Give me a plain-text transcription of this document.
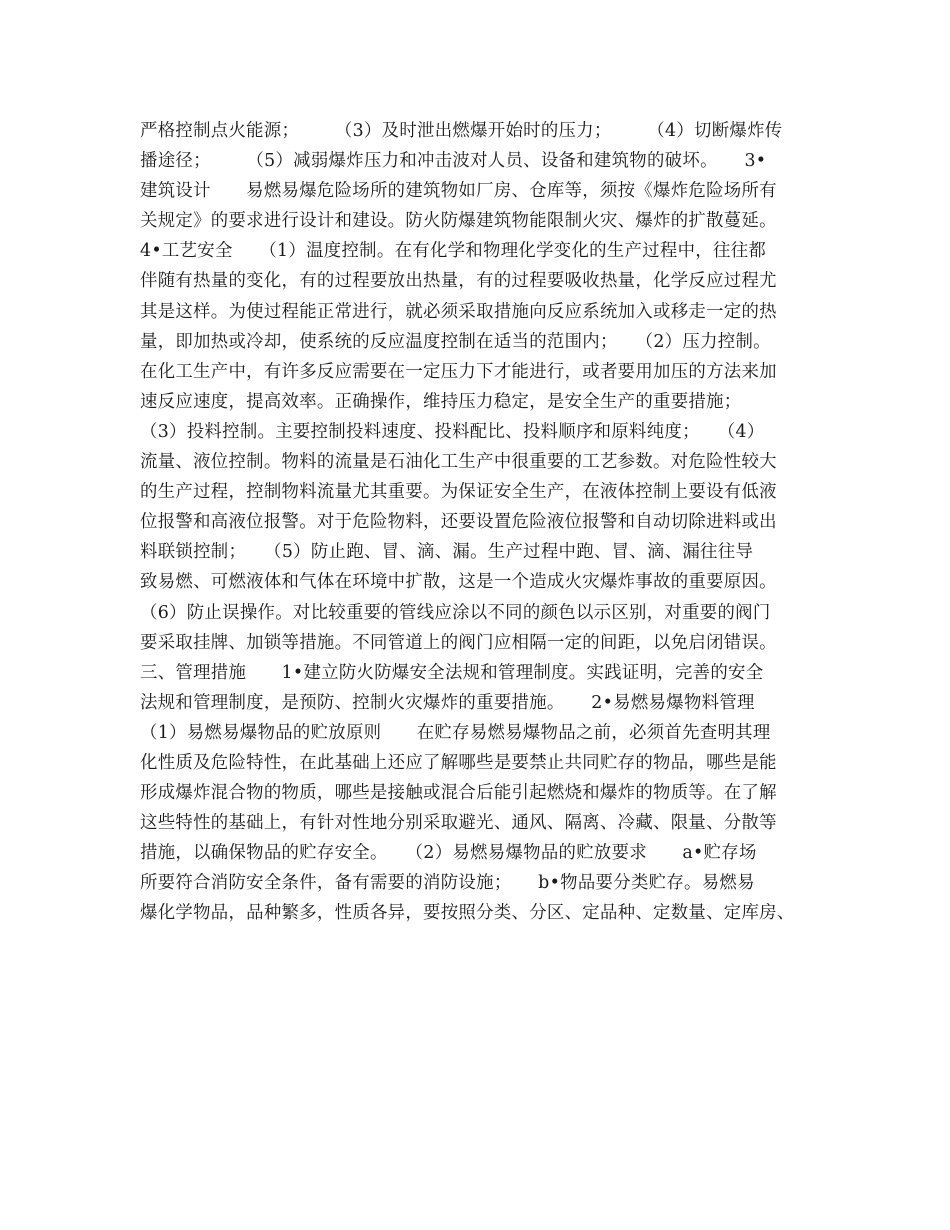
严格控制点火能源；　　　（3）及时泄出燃爆开始时的压力；　　　（4）切断爆炸传
播途径；　　　（5）减弱爆炸压力和冲击波对人员、设备和建筑物的破坏。　　3•
建筑设计　　易燃易爆危险场所的建筑物如厂房、仓库等，须按《爆炸危险场所有
关规定》的要求进行设计和建设。防火防爆建筑物能限制火灾、爆炸的扩散蔓延。
4•工艺安全　　（1）温度控制。在有化学和物理化学变化的生产过程中，往往都
伴随有热量的变化，有的过程要放出热量，有的过程要吸收热量，化学反应过程尤
其是这样。为使过程能正常进行，就必须采取措施向反应系统加入或移走一定的热
量，即加热或冷却，使系统的反应温度控制在适当的范围内；　　（2）压力控制。
在化工生产中，有许多反应需要在一定压力下才能进行，或者要用加压的方法来加
速反应速度，提高效率。正确操作，维持压力稳定，是安全生产的重要措施；
（3）投料控制。主要控制投料速度、投料配比、投料顺序和原料纯度；　　（4）
流量、液位控制。物料的流量是石油化工生产中很重要的工艺参数。对危险性较大
的生产过程，控制物料流量尤其重要。为保证安全生产，在液体控制上要设有低液
位报警和高液位报警。对于危险物料，还要设置危险液位报警和自动切除进料或出
料联锁控制；　　（5）防止跑、冒、滴、漏。生产过程中跑、冒、滴、漏往往导
致易燃、可燃液体和气体在环境中扩散，这是一个造成火灾爆炸事故的重要原因。
（6）防止误操作。对比较重要的管线应涂以不同的颜色以示区别，对重要的阀门
要采取挂牌、加锁等措施。不同管道上的阀门应相隔一定的间距，以免启闭错误。
三、管理措施　　1•建立防火防爆安全法规和管理制度。实践证明，完善的安全
法规和管理制度，是预防、控制火灾爆炸的重要措施。　　2•易燃易爆物料管理
（1）易燃易爆物品的贮放原则　　在贮存易燃易爆物品之前，必须首先查明其理
化性质及危险特性，在此基础上还应了解哪些是要禁止共同贮存的物品，哪些是能
形成爆炸混合物的物质，哪些是接触或混合后能引起燃烧和爆炸的物质等。在了解
这些特性的基础上，有针对性地分别采取避光、通风、隔离、冷藏、限量、分散等
措施，以确保物品的贮存安全。　　（2）易燃易爆物品的贮放要求　　a•贮存场
所要符合消防安全条件，备有需要的消防设施；　　b•物品要分类贮存。易燃易
爆化学物品，品种繁多，性质各异，要按照分类、分区、定品种、定数量、定库房、
